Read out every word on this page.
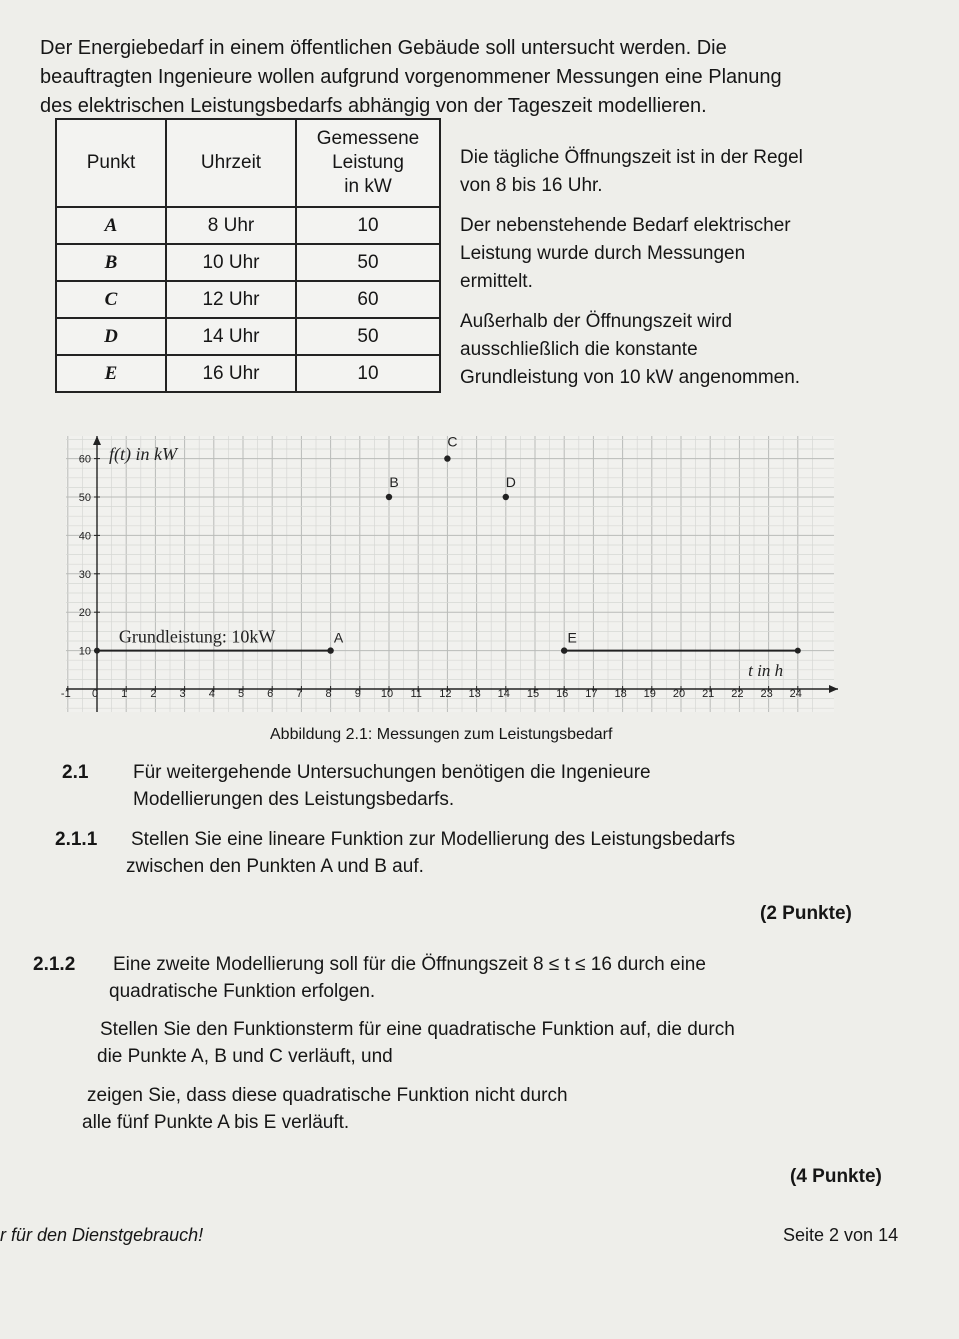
Der Energiebedarf in einem öffentlichen Gebäude soll untersucht werden. Die
beauftragten Ingenieure wollen aufgrund vorgenommener Messungen eine Planung
des elektrischen Leistungsbedarfs abhängig von der Tageszeit modellieren.
Punkt	Uhrzeit	Gemessene
Leistung
in kW

A	8 Uhr	10
B	10 Uhr	50
C	12 Uhr	60
D	14 Uhr	50
E	16 Uhr	10
Die tägliche Öffnungszeit ist in der Regel
von 8 bis 16 Uhr.
Der nebenstehende Bedarf elektrischer
Leistung wurde durch Messungen
ermittelt.
Außerhalb der Öffnungszeit wird
ausschließlich die konstante
Grundleistung von 10 kW angenommen.
-1 0 1 2 3 4 5 6 7 8 9 10 11 12 13 14 15 16 17 18 19 20 21 22 23 24
10
20
30
40
50
60
A
B
C
D
E
f(t) in kW
t in h
Grundleistung: 10kW
Abbildung 2.1: Messungen zum Leistungsbedarf
2.1 Für weitergehende Untersuchungen benötigen die Ingenieure
Modellierungen des Leistungsbedarfs.
2.1.1 Stellen Sie eine lineare Funktion zur Modellierung des Leistungsbedarfs
zwischen den Punkten A und B auf.
(2 Punkte)
2.1.2 Eine zweite Modellierung soll für die Öffnungszeit 8 ≤ t ≤ 16 durch eine
quadratische Funktion erfolgen.
Stellen Sie den Funktionsterm für eine quadratische Funktion auf, die durch
die Punkte A, B und C verläuft, und
zeigen Sie, dass diese quadratische Funktion nicht durch
alle fünf Punkte A bis E verläuft.
(4 Punkte)
r für den Dienstgebrauch!	Seite 2 von 14
